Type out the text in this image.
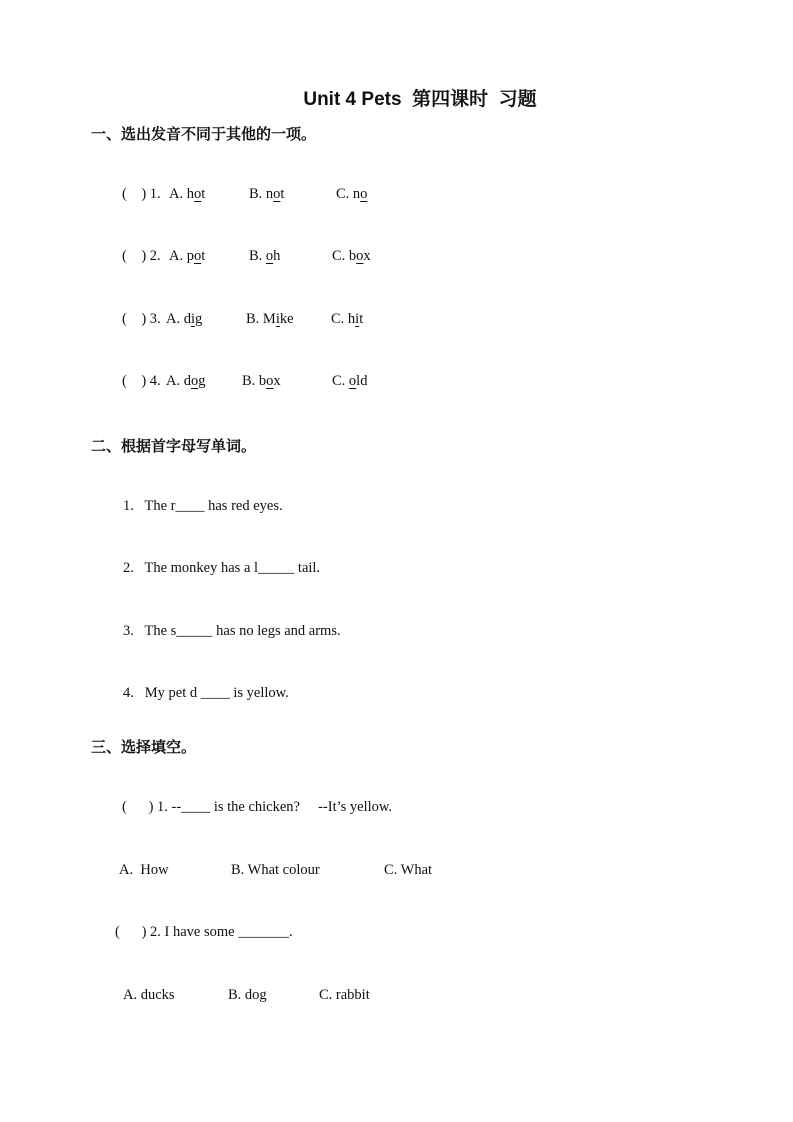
Unit 4 Pets  第四课时  习题
一、选出发音不同于其他的一项。
(    ) 1. A. hot	B. not	C. no
(    ) 2. A. pot	B. oh	C. box
(    ) 3. A. dig	B. Mike	C. hit
(    ) 4. A. dog	B. box	C. old
二、根据首字母写单词。
1.   The r____ has red eyes.
2.   The monkey has a l_____ tail.
3.   The s_____ has no legs and arms.
4.   My pet d ____ is yellow.
三、选择填空。
(      ) 1. --____ is the chicken?     --It’s yellow.
A.  How	B. What colour	C. What
(      ) 2. I have some _______.
A. ducks	B. dog	C. rabbit
